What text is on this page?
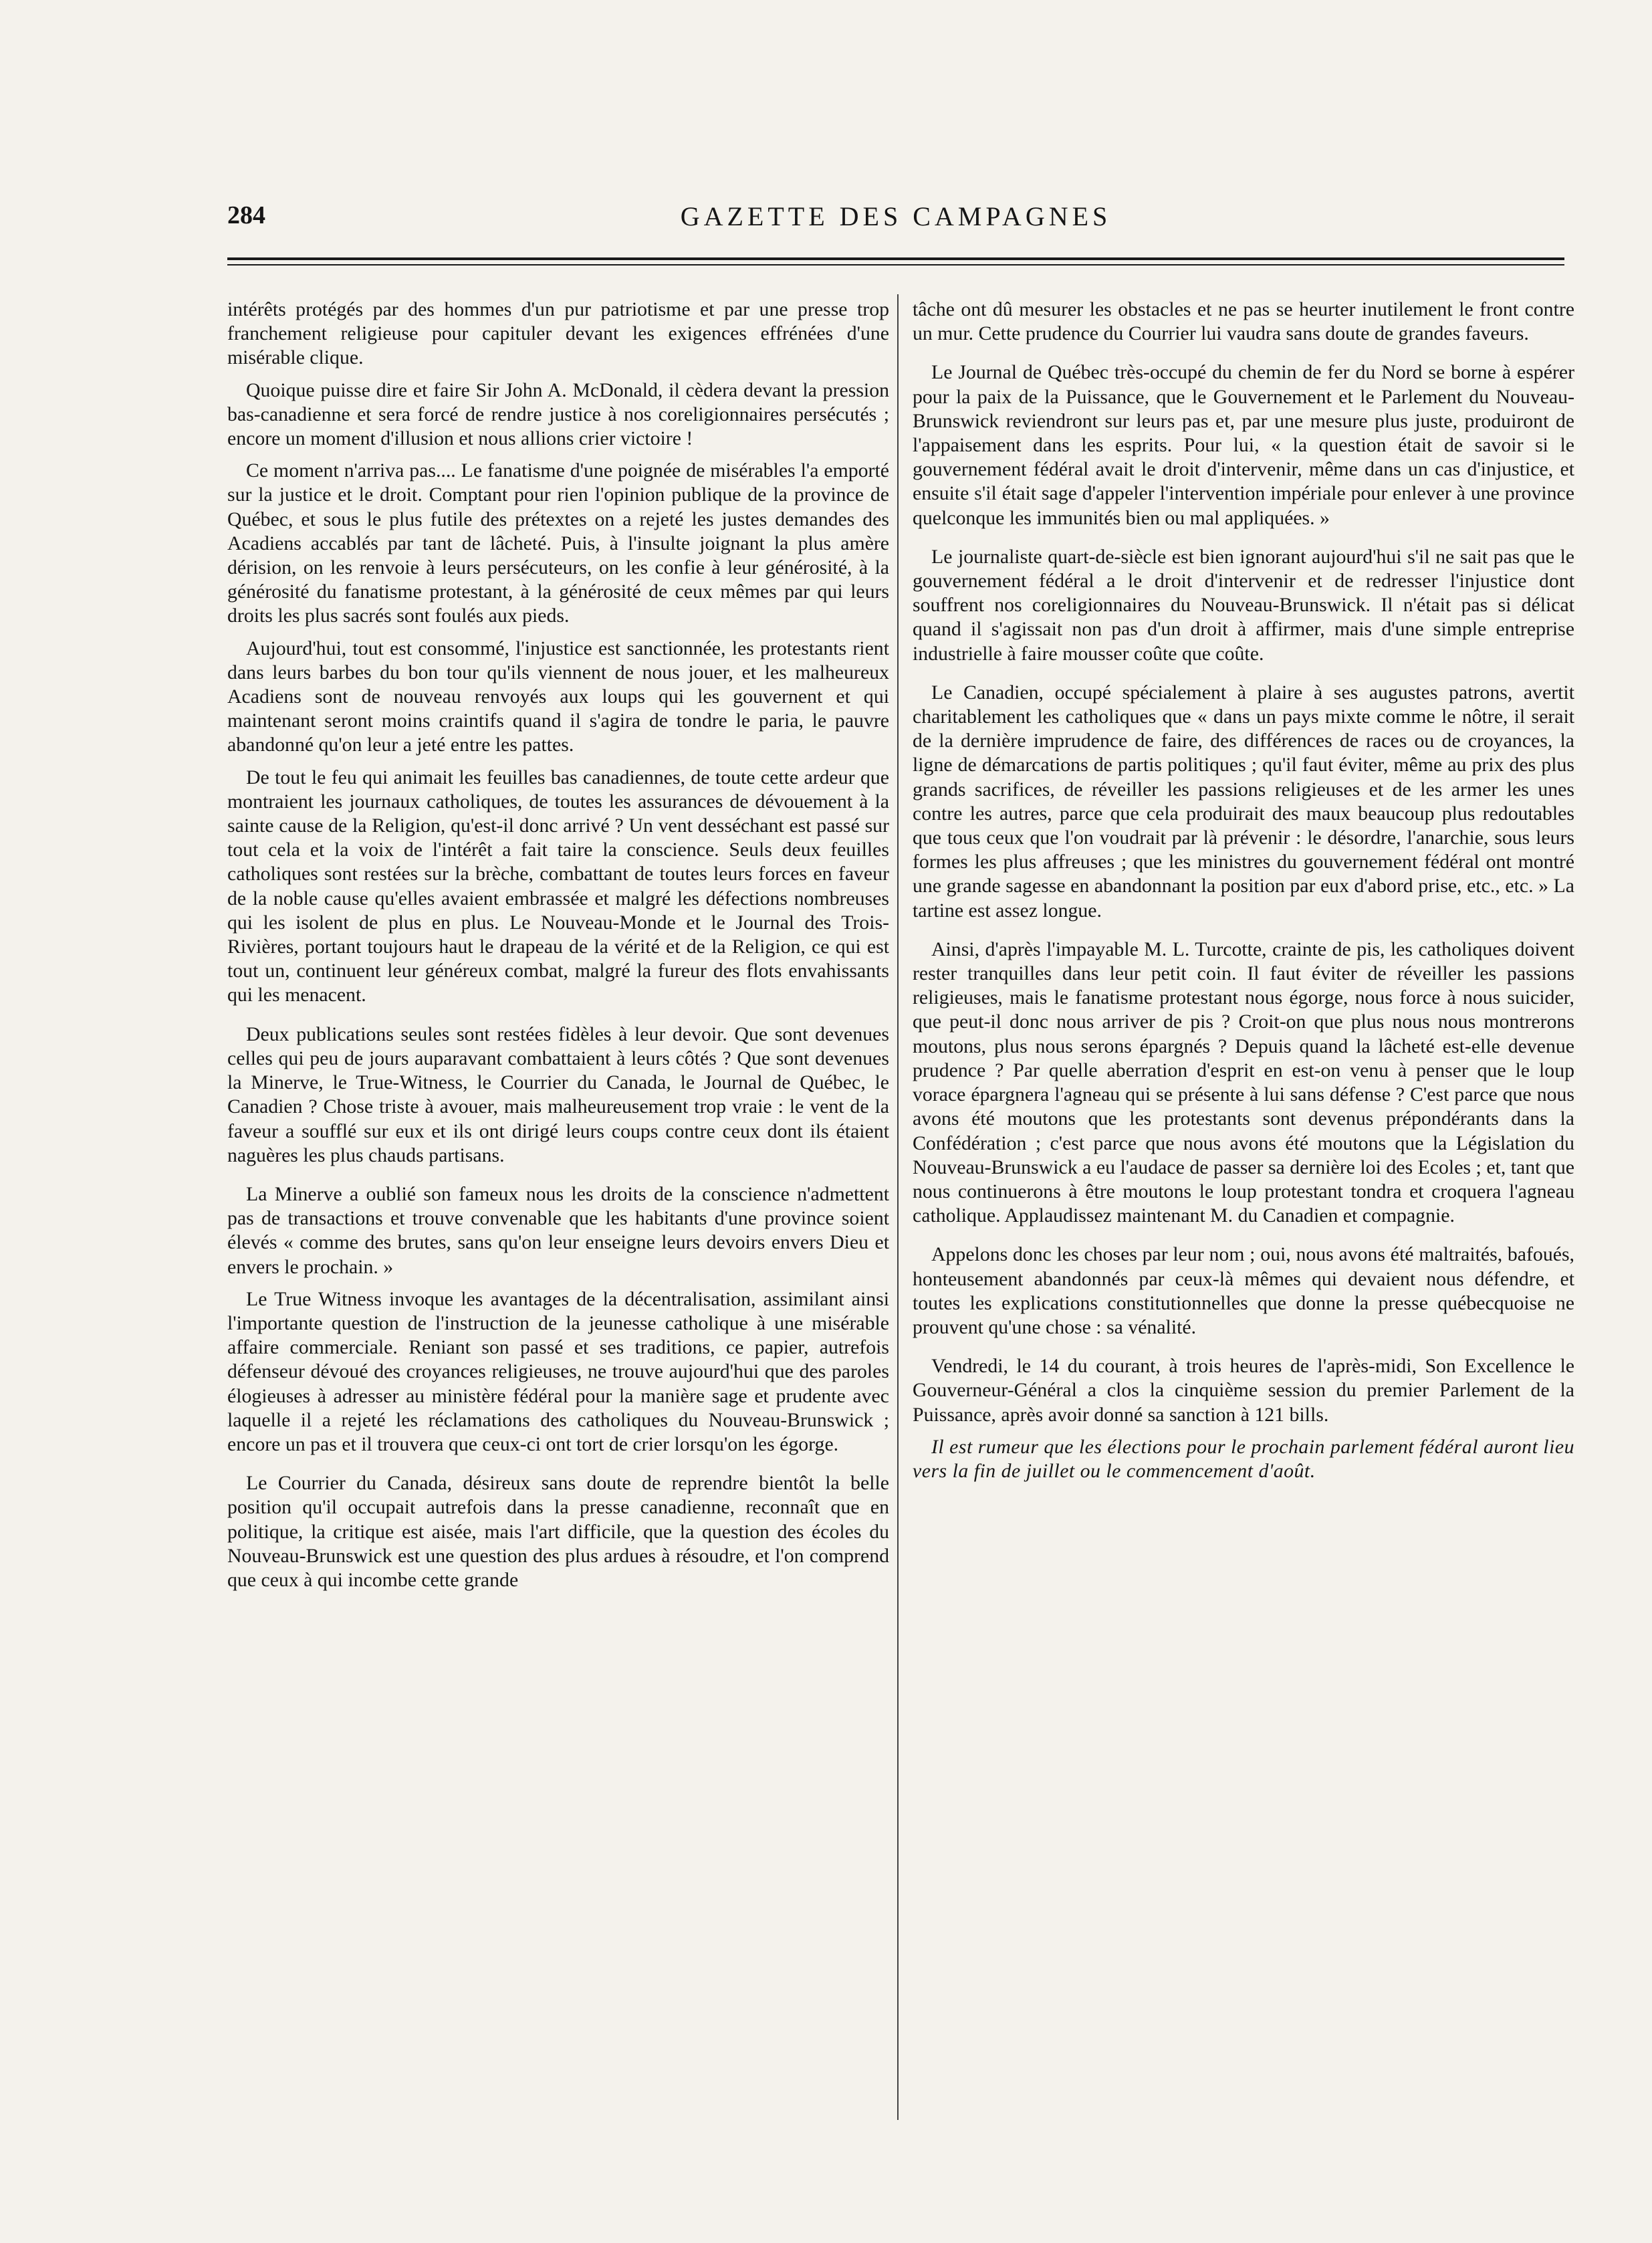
284	GAZETTE DES CAMPAGNES

intérêts protégés par des hommes d'un pur patriotisme et par une presse trop franchement religieuse pour capituler devant les exigences effrénées d'une misérable clique.

Quoique puisse dire et faire Sir John A. McDonald, il cèdera devant la pression bas-canadienne et sera forcé de rendre justice à nos coreligionnaires persécutés ; encore un moment d'illusion et nous allions crier victoire !

Ce moment n'arriva pas.... Le fanatisme d'une poignée de misérables l'a emporté sur la justice et le droit. Comptant pour rien l'opinion publique de la province de Québec, et sous le plus futile des prétextes on a rejeté les justes demandes des Acadiens accablés par tant de lâcheté. Puis, à l'insulte joignant la plus amère dérision, on les renvoie à leurs persécuteurs, on les confie à leur générosité, à la générosité du fanatisme protestant, à la générosité de ceux mêmes par qui leurs droits les plus sacrés sont foulés aux pieds.

Aujourd'hui, tout est consommé, l'injustice est sanctionnée, les protestants rient dans leurs barbes du bon tour qu'ils viennent de nous jouer, et les malheureux Acadiens sont de nouveau renvoyés aux loups qui les gouvernent et qui maintenant seront moins craintifs quand il s'agira de tondre le paria, le pauvre abandonné qu'on leur a jeté entre les pattes.

De tout le feu qui animait les feuilles bas canadiennes, de toute cette ardeur que montraient les journaux catholiques, de toutes les assurances de dévouement à la sainte cause de la Religion, qu'est-il donc arrivé ? Un vent desséchant est passé sur tout cela et la voix de l'intérêt a fait taire la conscience. Seuls deux feuilles catholiques sont restées sur la brèche, combattant de toutes leurs forces en faveur de la noble cause qu'elles avaient embrassée et malgré les défections nombreuses qui les isolent de plus en plus. Le Nouveau-Monde et le Journal des Trois-Rivières, portant toujours haut le drapeau de la vérité et de la Religion, ce qui est tout un, continuent leur généreux combat, malgré la fureur des flots envahissants qui les menacent.

Deux publications seules sont restées fidèles à leur devoir. Que sont devenues celles qui peu de jours auparavant combattaient à leurs côtés ? Que sont devenues la Minerve, le True-Witness, le Courrier du Canada, le Journal de Québec, le Canadien ? Chose triste à avouer, mais malheureusement trop vraie : le vent de la faveur a soufflé sur eux et ils ont dirigé leurs coups contre ceux dont ils étaient naguères les plus chauds partisans.

La Minerve a oublié son fameux nous les droits de la conscience n'admettent pas de transactions et trouve convenable que les habitants d'une province soient élevés « comme des brutes, sans qu'on leur enseigne leurs devoirs envers Dieu et envers le prochain. »

Le True Witness invoque les avantages de la décentralisation, assimilant ainsi l'importante question de l'instruction de la jeunesse catholique à une misérable affaire commerciale. Reniant son passé et ses traditions, ce papier, autrefois défenseur dévoué des croyances religieuses, ne trouve aujourd'hui que des paroles élogieuses à adresser au ministère fédéral pour la manière sage et prudente avec laquelle il a rejeté les réclamations des catholiques du Nouveau-Brunswick ; encore un pas et il trouvera que ceux-ci ont tort de crier lorsqu'on les égorge.

Le Courrier du Canada, désireux sans doute de reprendre bientôt la belle position qu'il occupait autrefois dans la presse canadienne, reconnaît que en politique, la critique est aisée, mais l'art difficile, que la question des écoles du Nouveau-Brunswick est une question des plus ardues à résoudre, et l'on comprend que ceux à qui incombe cette grande

tâche ont dû mesurer les obstacles et ne pas se heurter inutilement le front contre un mur. Cette prudence du Courrier lui vaudra sans doute de grandes faveurs.

Le Journal de Québec très-occupé du chemin de fer du Nord se borne à espérer pour la paix de la Puissance, que le Gouvernement et le Parlement du Nouveau-Brunswick reviendront sur leurs pas et, par une mesure plus juste, produiront de l'appaisement dans les esprits. Pour lui, « la question était de savoir si le gouvernement fédéral avait le droit d'intervenir, même dans un cas d'injustice, et ensuite s'il était sage d'appeler l'intervention impériale pour enlever à une province quelconque les immunités bien ou mal appliquées. »

Le journaliste quart-de-siècle est bien ignorant aujourd'hui s'il ne sait pas que le gouvernement fédéral a le droit d'intervenir et de redresser l'injustice dont souffrent nos coreligionnaires du Nouveau-Brunswick. Il n'était pas si délicat quand il s'agissait non pas d'un droit à affirmer, mais d'une simple entreprise industrielle à faire mousser coûte que coûte.

Le Canadien, occupé spécialement à plaire à ses augustes patrons, avertit charitablement les catholiques que « dans un pays mixte comme le nôtre, il serait de la dernière imprudence de faire, des différences de races ou de croyances, la ligne de démarcations de partis politiques ; qu'il faut éviter, même au prix des plus grands sacrifices, de réveiller les passions religieuses et de les armer les unes contre les autres, parce que cela produirait des maux beaucoup plus redoutables que tous ceux que l'on voudrait par là prévenir : le désordre, l'anarchie, sous leurs formes les plus affreuses ; que les ministres du gouvernement fédéral ont montré une grande sagesse en abandonnant la position par eux d'abord prise, etc., etc. » La tartine est assez longue.

Ainsi, d'après l'impayable M. L. Turcotte, crainte de pis, les catholiques doivent rester tranquilles dans leur petit coin. Il faut éviter de réveiller les passions religieuses, mais le fanatisme protestant nous égorge, nous force à nous suicider, que peut-il donc nous arriver de pis ? Croit-on que plus nous nous montrerons moutons, plus nous serons épargnés ? Depuis quand la lâcheté est-elle devenue prudence ? Par quelle aberration d'esprit en est-on venu à penser que le loup vorace épargnera l'agneau qui se présente à lui sans défense ? C'est parce que nous avons été moutons que les protestants sont devenus prépondérants dans la Confédération ; c'est parce que nous avons été moutons que la Législation du Nouveau-Brunswick a eu l'audace de passer sa dernière loi des Ecoles ; et, tant que nous continuerons à être moutons le loup protestant tondra et croquera l'agneau catholique. Applaudissez maintenant M. du Canadien et compagnie.

Appelons donc les choses par leur nom ; oui, nous avons été maltraités, bafoués, honteusement abandonnés par ceux-là mêmes qui devaient nous défendre, et toutes les explications constitutionnelles que donne la presse québecquoise ne prouvent qu'une chose : sa vénalité.

Vendredi, le 14 du courant, à trois heures de l'après-midi, Son Excellence le Gouverneur-Général a clos la cinquième session du premier Parlement de la Puissance, après avoir donné sa sanction à 121 bills.

Il est rumeur que les élections pour le prochain parlement fédéral auront lieu vers la fin de juillet ou le commencement d'août.
